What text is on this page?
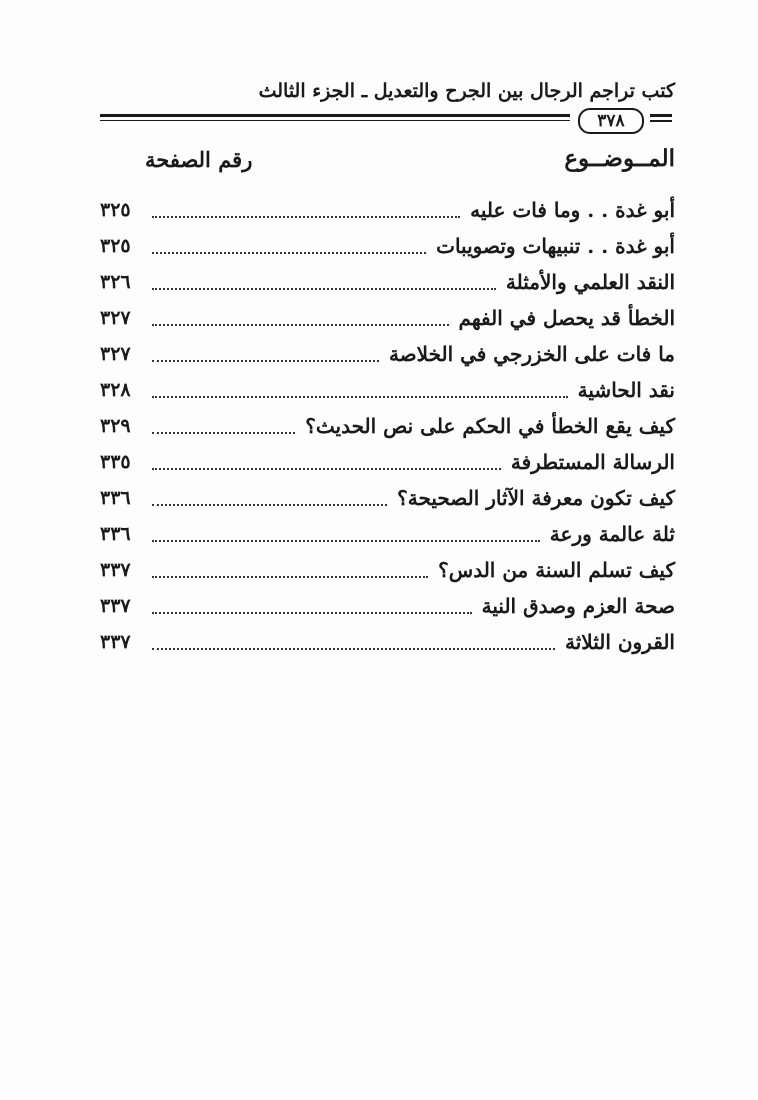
كتب تراجم الرجال بين الجرح والتعديل ـ الجزء الثالث
٣٧٨
المــوضــوع
رقم الصفحة
أبو غدة . . وما فات عليه
٣٢٥
أبو غدة . . تنبيهات وتصويبات
٣٢٥
النقد العلمي والأمثلة
٣٢٦
الخطأ قد يحصل في الفهم
٣٢٧
ما فات على الخزرجي في الخلاصة
٣٢٧
نقد الحاشية
٣٢٨
كيف يقع الخطأ في الحكم على نص الحديث؟
٣٢٩
الرسالة المستطرفة
٣٣٥
كيف تكون معرفة الآثار الصحيحة؟
٣٣٦
ثلة عالمة ورعة
٣٣٦
كيف تسلم السنة من الدس؟
٣٣٧
صحة العزم وصدق النية
٣٣٧
القرون الثلاثة
٣٣٧
